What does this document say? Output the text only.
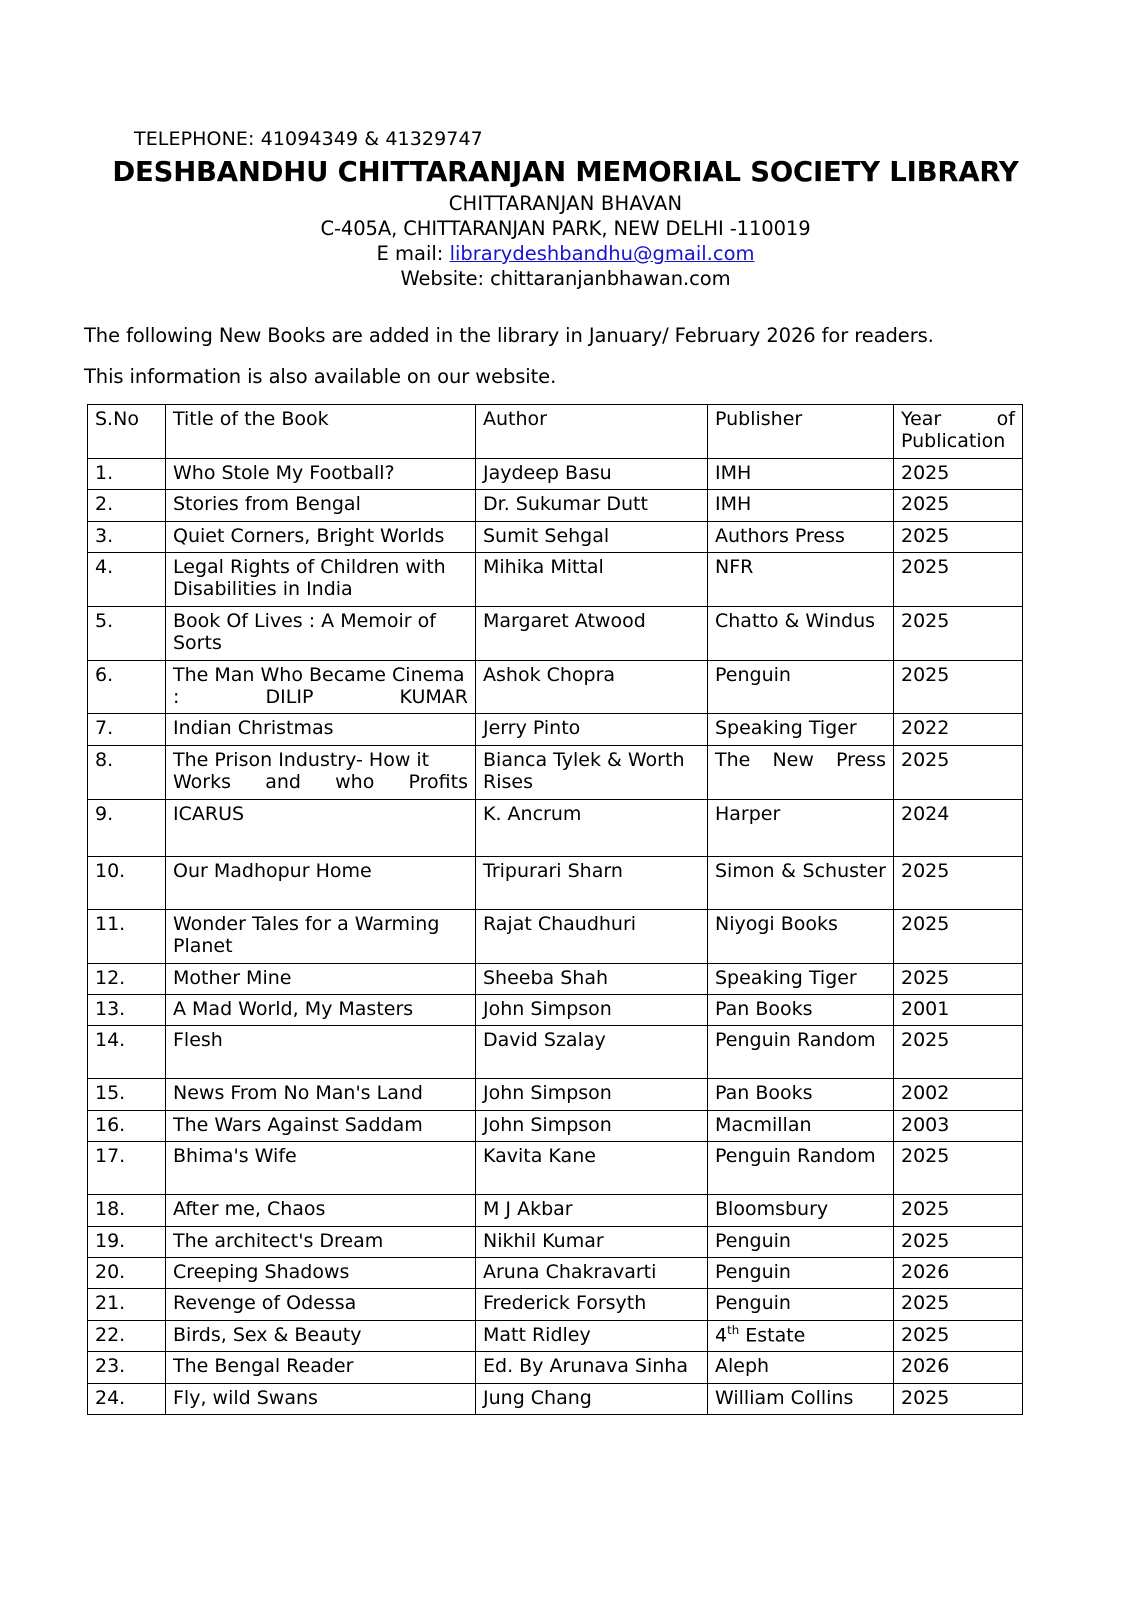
TELEPHONE: 41094349 & 41329747
DESHBANDHU CHITTARANJAN MEMORIAL SOCIETY LIBRARY
CHITTARANJAN BHAVAN
C-405A, CHITTARANJAN PARK, NEW DELHI -110019
E mail: librarydeshbandhu@gmail.com
Website: chittaranjanbhawan.com

The following New Books are added in the library in January/ February 2026 for readers.

This information is also available on our website.

S.No	Title of the Book	Author	Publisher	Year of
Publication

1.	Who Stole My Football?	Jaydeep Basu	IMH	2025
2.	Stories from Bengal	Dr. Sukumar Dutt	IMH	2025
3.	Quiet Corners, Bright Worlds	Sumit Sehgal	Authors Press	2025
4.	Legal Rights of Children with Disabilities in India	Mihika Mittal	NFR	2025
5.	Book Of Lives : A Memoir of Sorts	Margaret Atwood	Chatto & Windus	2025
6.	The Man Who Became Cinema : DILIP KUMAR	Ashok Chopra	Penguin	2025
7.	Indian Christmas	Jerry Pinto	Speaking Tiger	2022
8.	The Prison Industry- How it Works and who Profits	Bianca Tylek & Worth Rises	The New Press	2025
9.	ICARUS	K. Ancrum	Harper	2024
10.	Our Madhopur Home	Tripurari Sharn	Simon & Schuster	2025
11.	Wonder Tales for a Warming Planet	Rajat Chaudhuri	Niyogi Books	2025
12.	Mother Mine	Sheeba Shah	Speaking Tiger	2025
13.	A Mad World, My Masters	John Simpson	Pan Books	2001
14.	Flesh	David Szalay	Penguin Random	2025
15.	News From No Man's Land	John Simpson	Pan Books	2002
16.	The Wars Against Saddam	John Simpson	Macmillan	2003
17.	Bhima's Wife	Kavita Kane	Penguin Random	2025
18.	After me, Chaos	M J Akbar	Bloomsbury	2025
19.	The architect's Dream	Nikhil Kumar	Penguin	2025
20.	Creeping Shadows	Aruna Chakravarti	Penguin	2026
21.	Revenge of Odessa	Frederick Forsyth	Penguin	2025
22.	Birds, Sex & Beauty	Matt Ridley	4th Estate	2025
23.	The Bengal Reader	Ed. By Arunava Sinha	Aleph	2026
24.	Fly, wild Swans	Jung Chang	William Collins	2025
